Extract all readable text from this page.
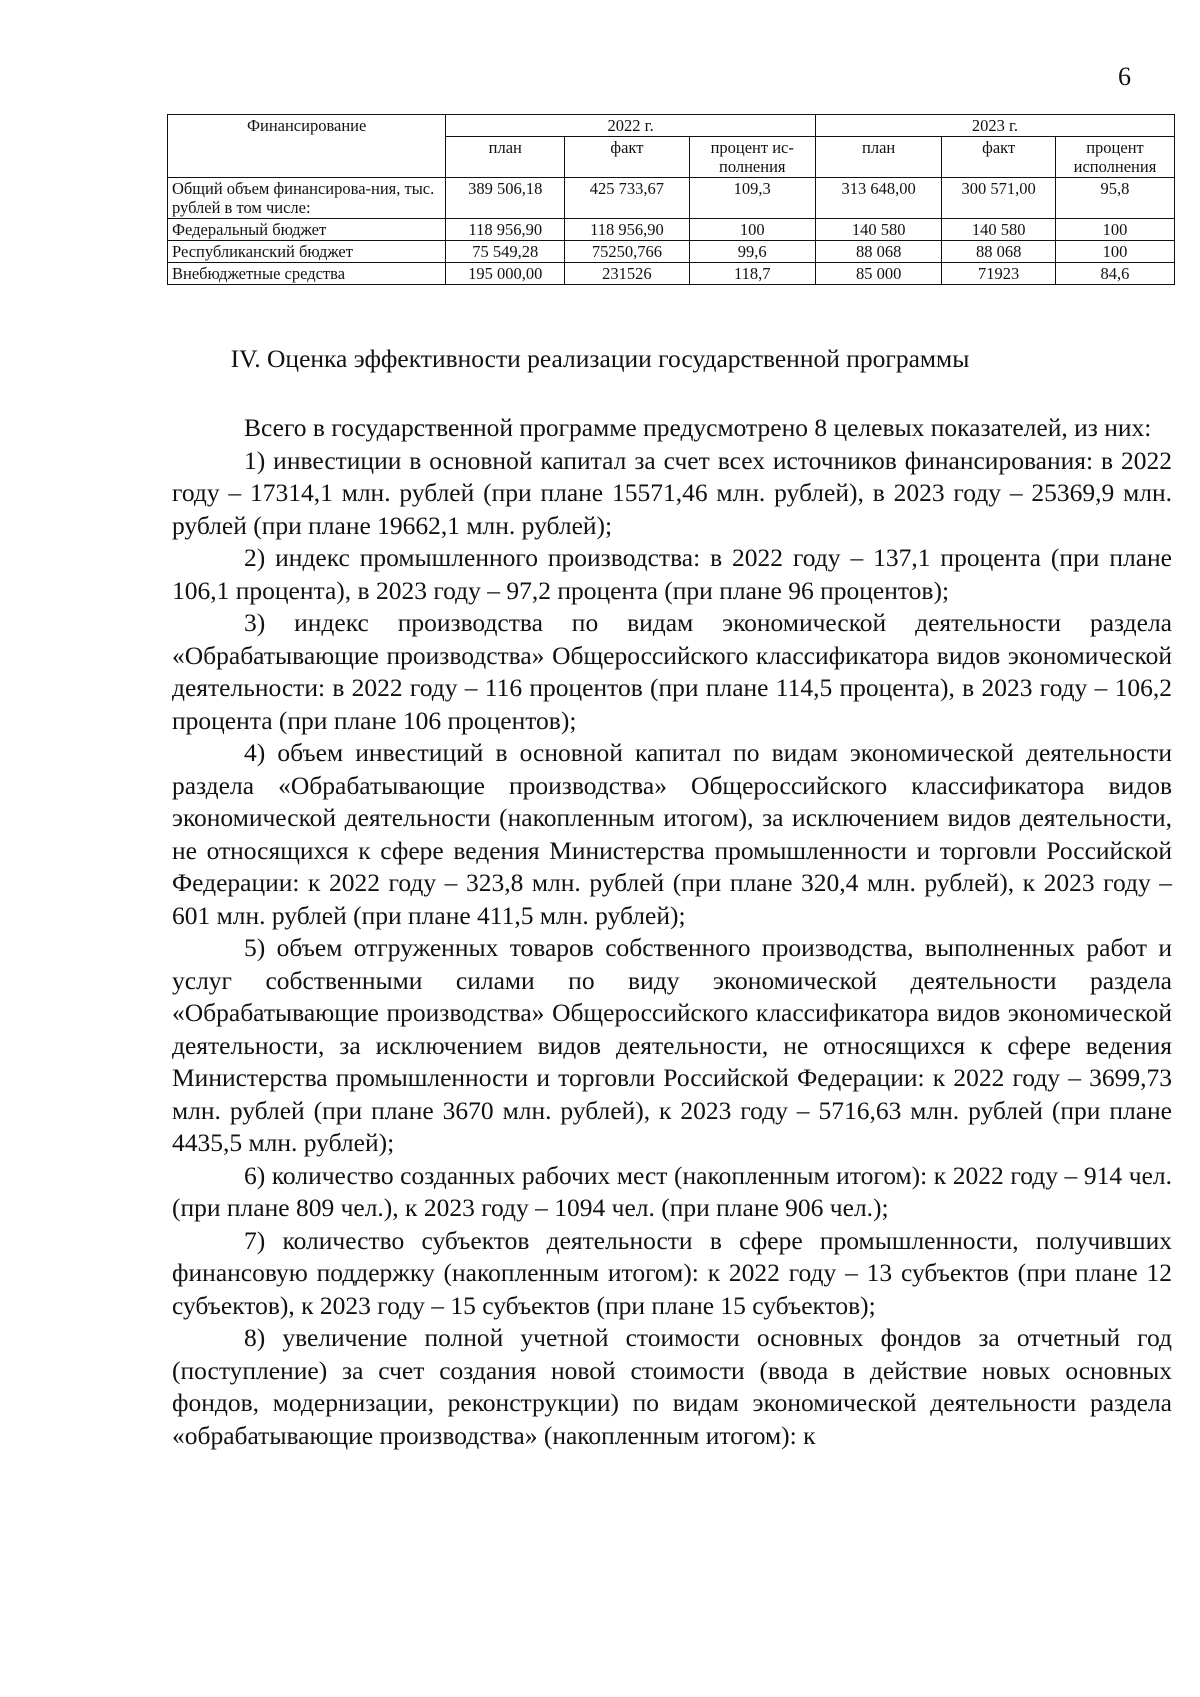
6
Финансирование	2022 г.			2023 г.		
	план	факт	процент ис-полнения	план	факт	процент исполнения
Общий объем финансирова-ния, тыс. рублей в том числе:	389 506,18	425 733,67	109,3	313 648,00	300 571,00	95,8
Федеральный бюджет	118 956,90	118 956,90	100	140 580	140 580	100
Республиканский бюджет	75 549,28	75250,766	99,6	88 068	88 068	100
Внебюджетные средства	195 000,00	231526	118,7	85 000	71923	84,6
IV. Оценка эффективности реализации государственной программы

Всего в государственной программе предусмотрено 8 целевых показателей, из них:

1) инвестиции в основной капитал за счет всех источников финансирования: в 2022 году – 17314,1 млн. рублей (при плане 15571,46 млн. рублей), в 2023 году – 25369,9 млн. рублей (при плане 19662,1 млн. рублей);

2) индекс промышленного производства: в 2022 году – 137,1 процента (при плане 106,1 процента), в 2023 году – 97,2 процента (при плане 96 процентов);

3) индекс производства по видам экономической деятельности раздела «Обрабатывающие производства» Общероссийского классификатора видов экономической деятельности: в 2022 году – 116 процентов (при плане 114,5 процента), в 2023 году – 106,2 процента (при плане 106 процентов);

4) объем инвестиций в основной капитал по видам экономической деятельности раздела «Обрабатывающие производства» Общероссийского классификатора видов экономической деятельности (накопленным итогом), за исключением видов деятельности, не относящихся к сфере ведения Министерства промышленности и торговли Российской Федерации: к 2022 году – 323,8 млн. рублей (при плане 320,4 млн. рублей), к 2023 году – 601 млн. рублей (при плане 411,5 млн. рублей);

5) объем отгруженных товаров собственного производства, выполненных работ и услуг собственными силами по виду экономической деятельности раздела «Обрабатывающие производства» Общероссийского классификатора видов экономической деятельности, за исключением видов деятельности, не относящихся к сфере ведения Министерства промышленности и торговли Российской Федерации: к 2022 году – 3699,73 млн. рублей (при плане 3670 млн. рублей), к 2023 году – 5716,63 млн. рублей (при плане 4435,5 млн. рублей);

6) количество созданных рабочих мест (накопленным итогом): к 2022 году – 914 чел. (при плане 809 чел.), к 2023 году – 1094 чел. (при плане 906 чел.);

7) количество субъектов деятельности в сфере промышленности, получивших финансовую поддержку (накопленным итогом): к 2022 году – 13 субъектов (при плане 12 субъектов), к 2023 году – 15 субъектов (при плане 15 субъектов);

8) увеличение полной учетной стоимости основных фондов за отчетный год (поступление) за счет создания новой стоимости (ввода в действие новых основных фондов, модернизации, реконструкции) по видам экономической деятельности раздела «обрабатывающие производства» (накопленным итогом): к
